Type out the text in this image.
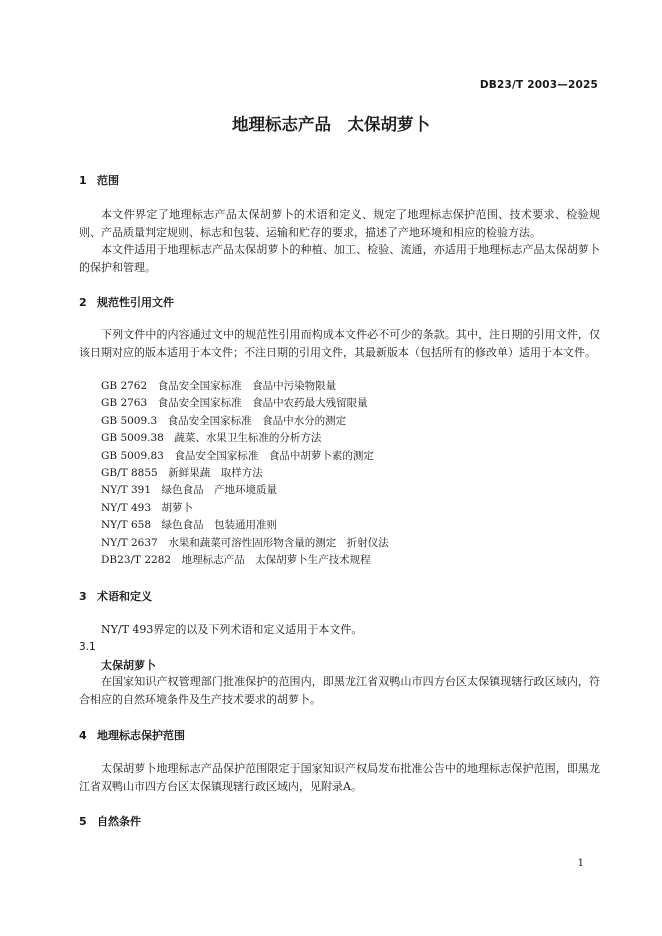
DB23/T 2003—2025
地理标志产品　太保胡萝卜
1 范围
本文件界定了地理标志产品太保胡萝卜的术语和定义、规定了地理标志保护范围、技术要求、检验规则、产品质量判定规则、标志和包装、运输和贮存的要求，描述了产地环境和相应的检验方法。
本文件适用于地理标志产品太保胡萝卜的种植、加工、检验、流通，亦适用于地理标志产品太保胡萝卜的保护和管理。
2 规范性引用文件
下列文件中的内容通过文中的规范性引用而构成本文件必不可少的条款。其中，注日期的引用文件，仅该日期对应的版本适用于本文件；不注日期的引用文件，其最新版本（包括所有的修改单）适用于本文件。
GB 2762　食品安全国家标准　食品中污染物限量
GB 2763　食品安全国家标准　食品中农药最大残留限量
GB 5009.3　食品安全国家标准　食品中水分的测定
GB 5009.38　蔬菜、水果卫生标准的分析方法
GB 5009.83　食品安全国家标准　食品中胡萝卜素的测定
GB/T 8855　新鲜果蔬　取样方法
NY/T 391　绿色食品　产地环境质量
NY/T 493　胡萝卜
NY/T 658　绿色食品　包装通用准则
NY/T 2637　水果和蔬菜可溶性固形物含量的测定　折射仪法
DB23/T 2282　地理标志产品　太保胡萝卜生产技术规程
3 术语和定义
NY/T 493界定的以及下列术语和定义适用于本文件。
3.1
太保胡萝卜
在国家知识产权管理部门批准保护的范围内，即黑龙江省双鸭山市四方台区太保镇现辖行政区域内，符合相应的自然环境条件及生产技术要求的胡萝卜。
4 地理标志保护范围
太保胡萝卜地理标志产品保护范围限定于国家知识产权局发布批准公告中的地理标志保护范围，即黑龙江省双鸭山市四方台区太保镇现辖行政区域内，见附录A。
5 自然条件
1
